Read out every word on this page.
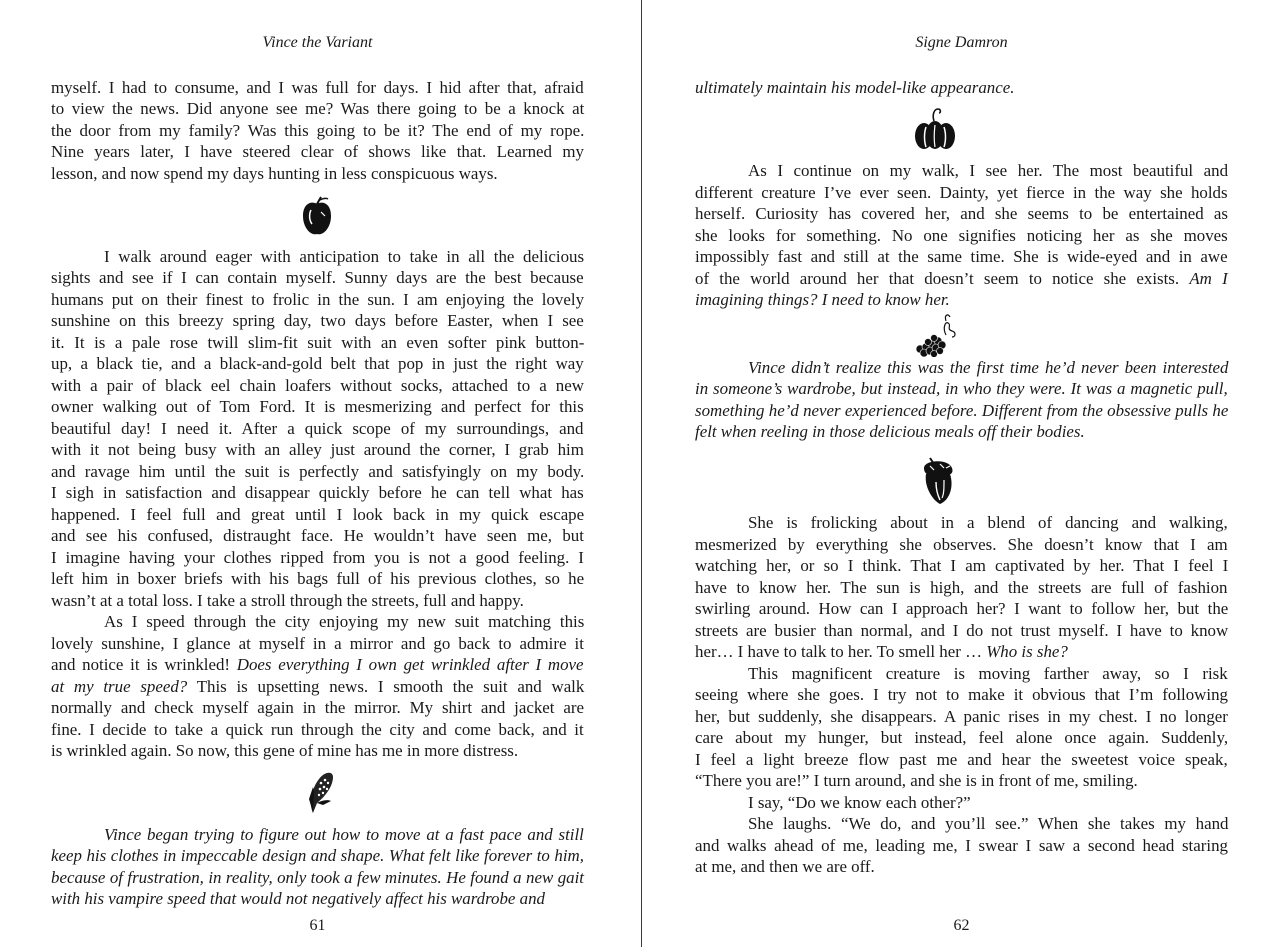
Vince the Variant
myself. I had to consume, and I was full for days. I hid after that, afraid
to view the news. Did anyone see me? Was there going to be a knock at
the door from my family? Was this going to be it? The end of my rope.
Nine years later, I have steered clear of shows like that. Learned my
lesson, and now spend my days hunting in less conspicuous ways.
I walk around eager with anticipation to take in all the delicious
sights and see if I can contain myself. Sunny days are the best because
humans put on their finest to frolic in the sun. I am enjoying the lovely
sunshine on this breezy spring day, two days before Easter, when I see
it. It is a pale rose twill slim-fit suit with an even softer pink button-
up, a black tie, and a black-and-gold belt that pop in just the right way
with a pair of black eel chain loafers without socks, attached to a new
owner walking out of Tom Ford. It is mesmerizing and perfect for this
beautiful day! I need it. After a quick scope of my surroundings, and
with it not being busy with an alley just around the corner, I grab him
and ravage him until the suit is perfectly and satisfyingly on my body.
I sigh in satisfaction and disappear quickly before he can tell what has
happened. I feel full and great until I look back in my quick escape
and see his confused, distraught face. He wouldn’t have seen me, but
I imagine having your clothes ripped from you is not a good feeling. I
left him in boxer briefs with his bags full of his previous clothes, so he
wasn’t at a total loss. I take a stroll through the streets, full and happy.
As I speed through the city enjoying my new suit matching this
lovely sunshine, I glance at myself in a mirror and go back to admire it
and notice it is wrinkled! Does everything I own get wrinkled after I move
at my true speed? This is upsetting news. I smooth the suit and walk
normally and check myself again in the mirror. My shirt and jacket are
fine. I decide to take a quick run through the city and come back, and it
is wrinkled again. So now, this gene of mine has me in more distress.
Vince began trying to figure out how to move at a fast pace and still
keep his clothes in impeccable design and shape. What felt like forever to him,
because of frustration, in reality, only took a few minutes. He found a new gait
with his vampire speed that would not negatively affect his wardrobe and
61
Signe Damron
ultimately maintain his model-like appearance.
As I continue on my walk, I see her. The most beautiful and
different creature I’ve ever seen. Dainty, yet fierce in the way she holds
herself. Curiosity has covered her, and she seems to be entertained as
she looks for something. No one signifies noticing her as she moves
impossibly fast and still at the same time. She is wide-eyed and in awe
of the world around her that doesn’t seem to notice she exists. Am I
imagining things? I need to know her.
Vince didn’t realize this was the first time he’d never been interested
in someone’s wardrobe, but instead, in who they were. It was a magnetic pull,
something he’d never experienced before. Different from the obsessive pulls he
felt when reeling in those delicious meals off their bodies.
She is frolicking about in a blend of dancing and walking,
mesmerized by everything she observes. She doesn’t know that I am
watching her, or so I think. That I am captivated by her. That I feel I
have to know her. The sun is high, and the streets are full of fashion
swirling around. How can I approach her? I want to follow her, but the
streets are busier than normal, and I do not trust myself. I have to know
her… I have to talk to her. To smell her … Who is she?
This magnificent creature is moving farther away, so I risk
seeing where she goes. I try not to make it obvious that I’m following
her, but suddenly, she disappears. A panic rises in my chest. I no longer
care about my hunger, but instead, feel alone once again. Suddenly,
I feel a light breeze flow past me and hear the sweetest voice speak,
“There you are!” I turn around, and she is in front of me, smiling.
I say, “Do we know each other?”
She laughs. “We do, and you’ll see.” When she takes my hand
and walks ahead of me, leading me, I swear I saw a second head staring
at me, and then we are off.
62
